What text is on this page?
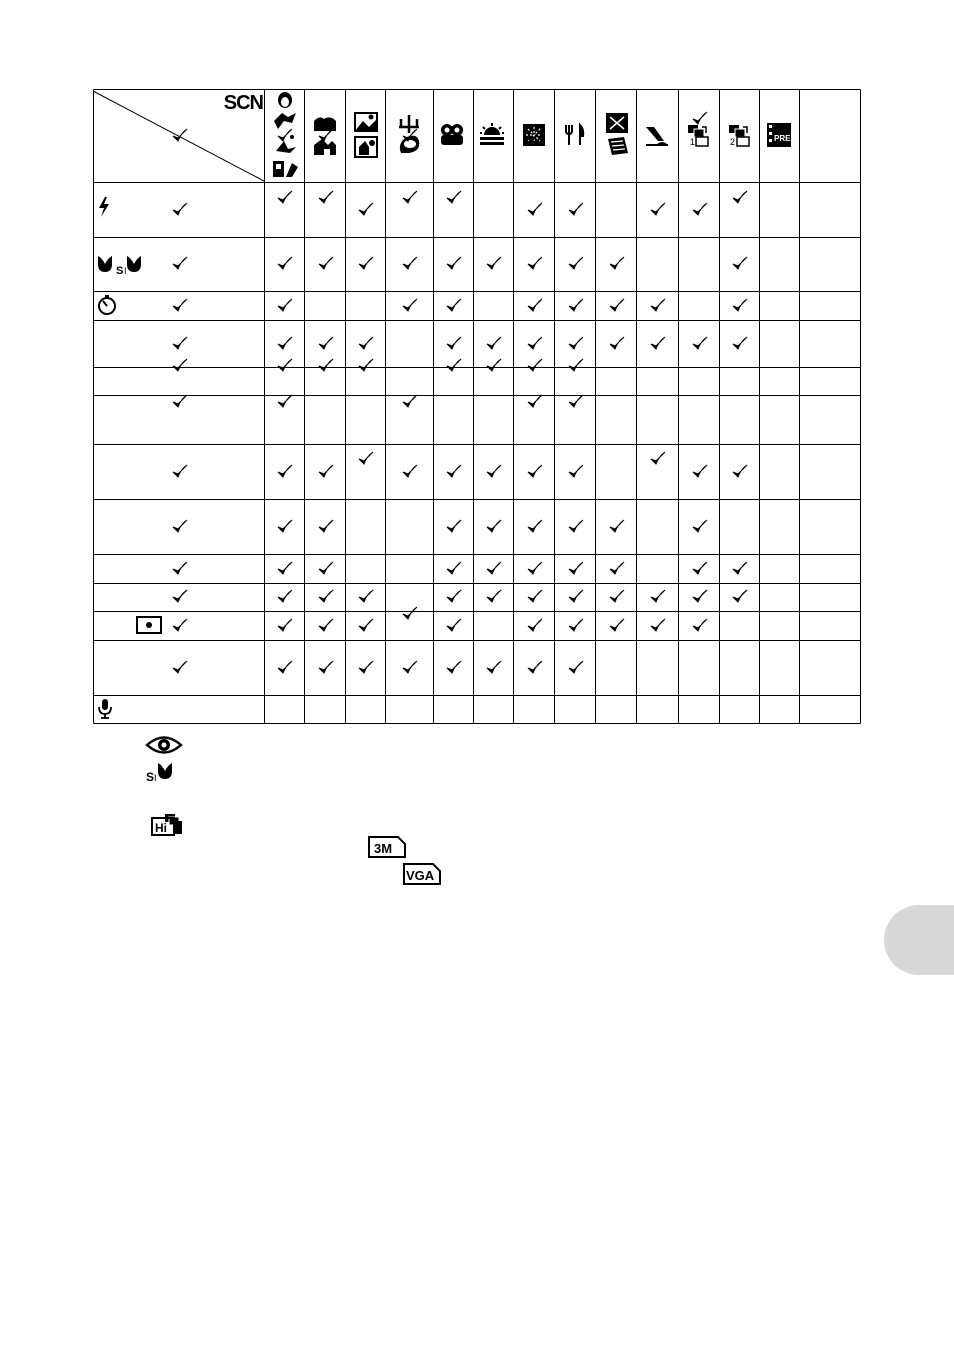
SCN
1	2	PRE
S I
S I
Hi
3M
VGA
